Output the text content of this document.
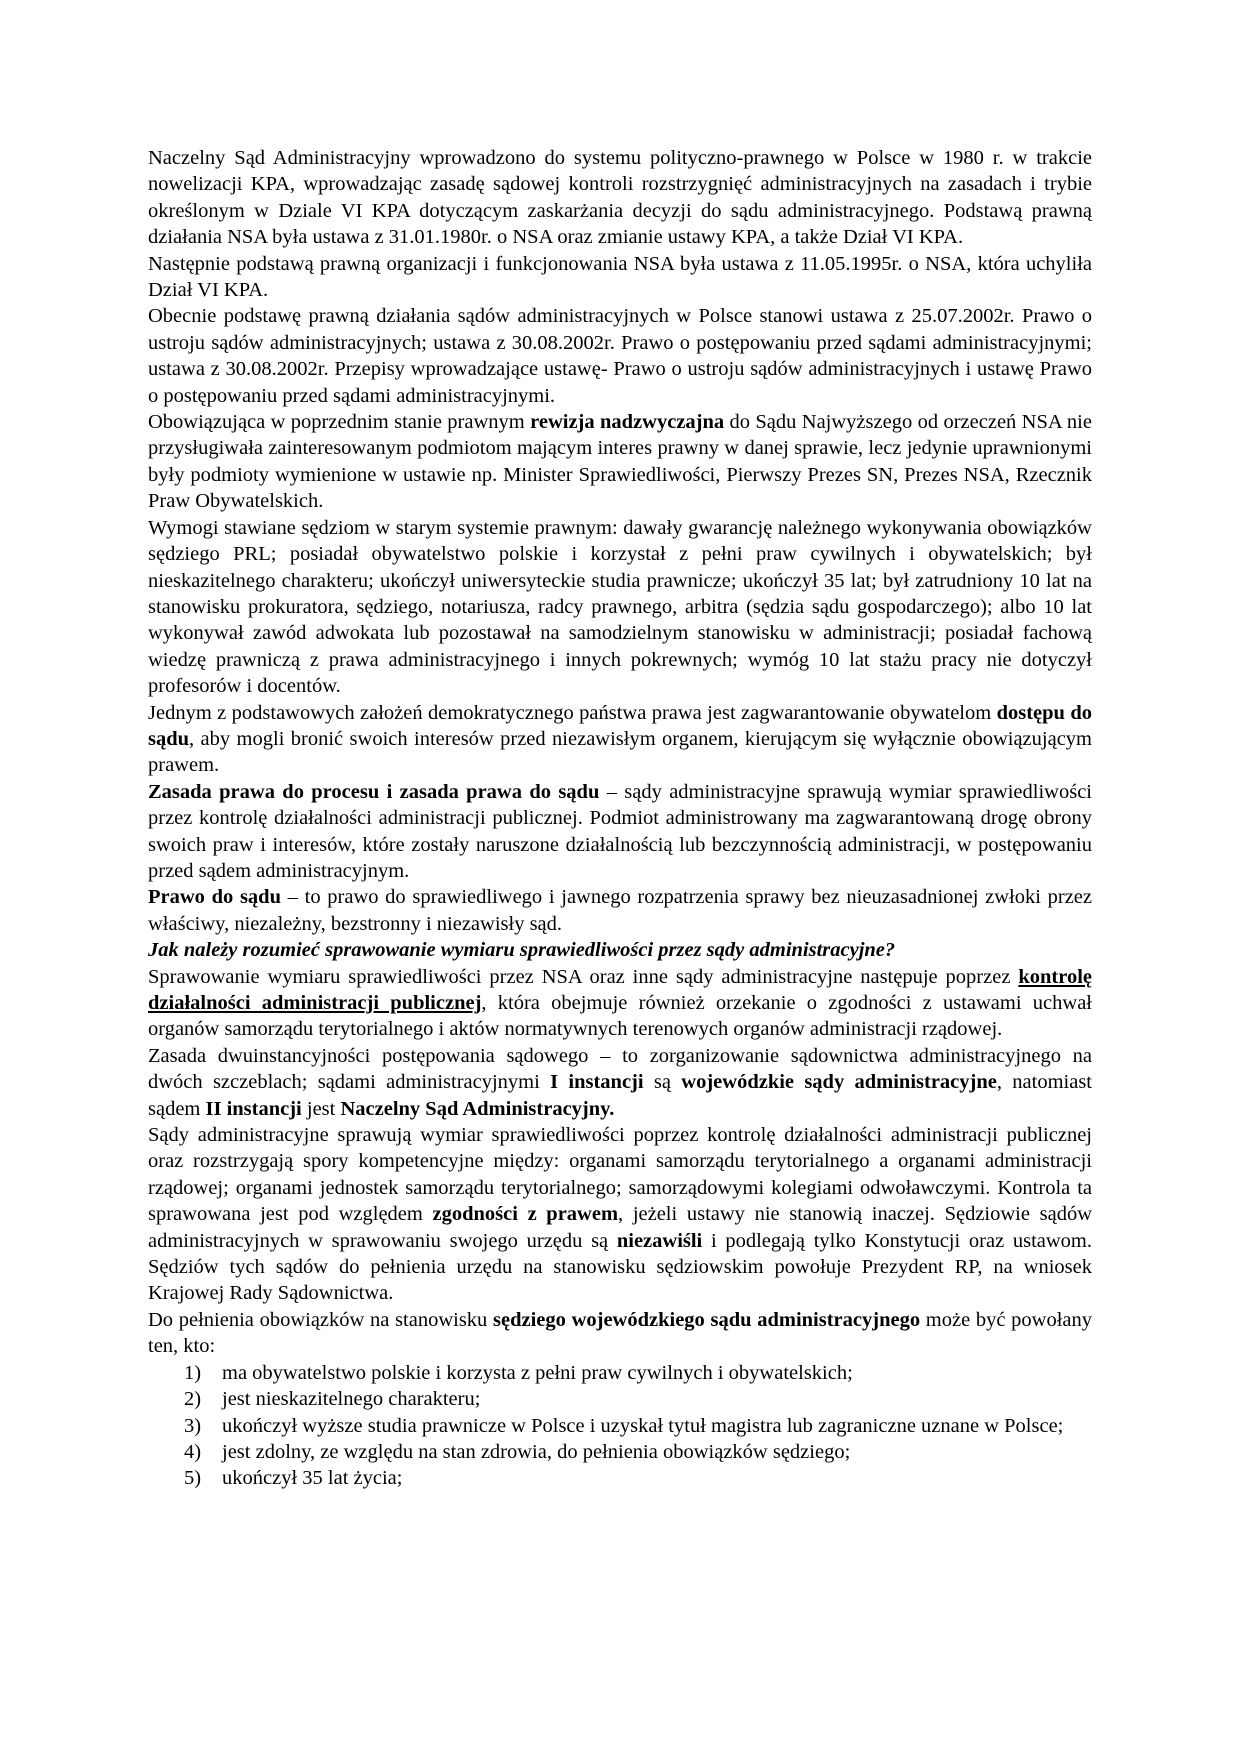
Naczelny Sąd Administracyjny wprowadzono do systemu polityczno-prawnego w Polsce w 1980 r. w trakcie nowelizacji KPA, wprowadzając zasadę sądowej kontroli rozstrzygnięć administracyjnych na zasadach i trybie określonym w Dziale VI KPA dotyczącym zaskarżania decyzji do sądu administracyjnego. Podstawą prawną działania NSA była ustawa z 31.01.1980r. o NSA oraz zmianie ustawy KPA, a także Dział VI KPA.

Następnie podstawą prawną organizacji i funkcjonowania NSA była ustawa z 11.05.1995r. o NSA, która uchyliła Dział VI KPA.

Obecnie podstawę prawną działania sądów administracyjnych w Polsce stanowi ustawa z 25.07.2002r. Prawo o ustroju sądów administracyjnych; ustawa z 30.08.2002r. Prawo o postępowaniu przed sądami administracyjnymi; ustawa z 30.08.2002r. Przepisy wprowadzające ustawę- Prawo o ustroju sądów administracyjnych i ustawę Prawo o postępowaniu przed sądami administracyjnymi.

Obowiązująca w poprzednim stanie prawnym rewizja nadzwyczajna do Sądu Najwyższego od orzeczeń NSA nie przysługiwała zainteresowanym podmiotom mającym interes prawny w danej sprawie, lecz jedynie uprawnionymi były podmioty wymienione w ustawie np. Minister Sprawiedliwości, Pierwszy Prezes SN, Prezes NSA, Rzecznik Praw Obywatelskich.

Wymogi stawiane sędziom w starym systemie prawnym: dawały gwarancję należnego wykonywania obowiązków sędziego PRL; posiadał obywatelstwo polskie i korzystał z pełni praw cywilnych i obywatelskich; był nieskazitelnego charakteru; ukończył uniwersyteckie studia prawnicze; ukończył 35 lat; był zatrudniony 10 lat na stanowisku prokuratora, sędziego, notariusza, radcy prawnego, arbitra (sędzia sądu gospodarczego); albo 10 lat wykonywał zawód adwokata lub pozostawał na samodzielnym stanowisku w administracji; posiadał fachową wiedzę prawniczą z prawa administracyjnego i innych pokrewnych; wymóg 10 lat stażu pracy nie dotyczył profesorów i docentów.

Jednym z podstawowych założeń demokratycznego państwa prawa jest zagwarantowanie obywatelom dostępu do sądu, aby mogli bronić swoich interesów przed niezawisłym organem, kierującym się wyłącznie obowiązującym prawem.

Zasada prawa do procesu i zasada prawa do sądu – sądy administracyjne sprawują wymiar sprawiedliwości przez kontrolę działalności administracji publicznej. Podmiot administrowany ma zagwarantowaną drogę obrony swoich praw i interesów, które zostały naruszone działalnością lub bezczynnością administracji, w postępowaniu przed sądem administracyjnym.

Prawo do sądu – to prawo do sprawiedliwego i jawnego rozpatrzenia sprawy bez nieuzasadnionej zwłoki przez właściwy, niezależny, bezstronny i niezawisły sąd.

Jak należy rozumieć sprawowanie wymiaru sprawiedliwości przez sądy administracyjne?

Sprawowanie wymiaru sprawiedliwości przez NSA oraz inne sądy administracyjne następuje poprzez kontrolę działalności administracji publicznej, która obejmuje również orzekanie o zgodności z ustawami uchwał organów samorządu terytorialnego i aktów normatywnych terenowych organów administracji rządowej.

Zasada dwuinstancyjności postępowania sądowego – to zorganizowanie sądownictwa administracyjnego na dwóch szczeblach; sądami administracyjnymi I instancji są wojewódzkie sądy administracyjne, natomiast sądem II instancji jest Naczelny Sąd Administracyjny.

Sądy administracyjne sprawują wymiar sprawiedliwości poprzez kontrolę działalności administracji publicznej oraz rozstrzygają spory kompetencyjne między: organami samorządu terytorialnego a organami administracji rządowej; organami jednostek samorządu terytorialnego; samorządowymi kolegiami odwoławczymi. Kontrola ta sprawowana jest pod względem zgodności z prawem, jeżeli ustawy nie stanowią inaczej. Sędziowie sądów administracyjnych w sprawowaniu swojego urzędu są niezawiśli i podlegają tylko Konstytucji oraz ustawom. Sędziów tych sądów do pełnienia urzędu na stanowisku sędziowskim powołuje Prezydent RP, na wniosek Krajowej Rady Sądownictwa.

Do pełnienia obowiązków na stanowisku sędziego wojewódzkiego sądu administracyjnego może być powołany ten, kto:

1)	ma obywatelstwo polskie i korzysta z pełni praw cywilnych i obywatelskich;
2)	jest nieskazitelnego charakteru;
3)	ukończył wyższe studia prawnicze w Polsce i uzyskał tytuł magistra lub zagraniczne uznane w Polsce;
4)	jest zdolny, ze względu na stan zdrowia, do pełnienia obowiązków sędziego;
5)	ukończył 35 lat życia;
